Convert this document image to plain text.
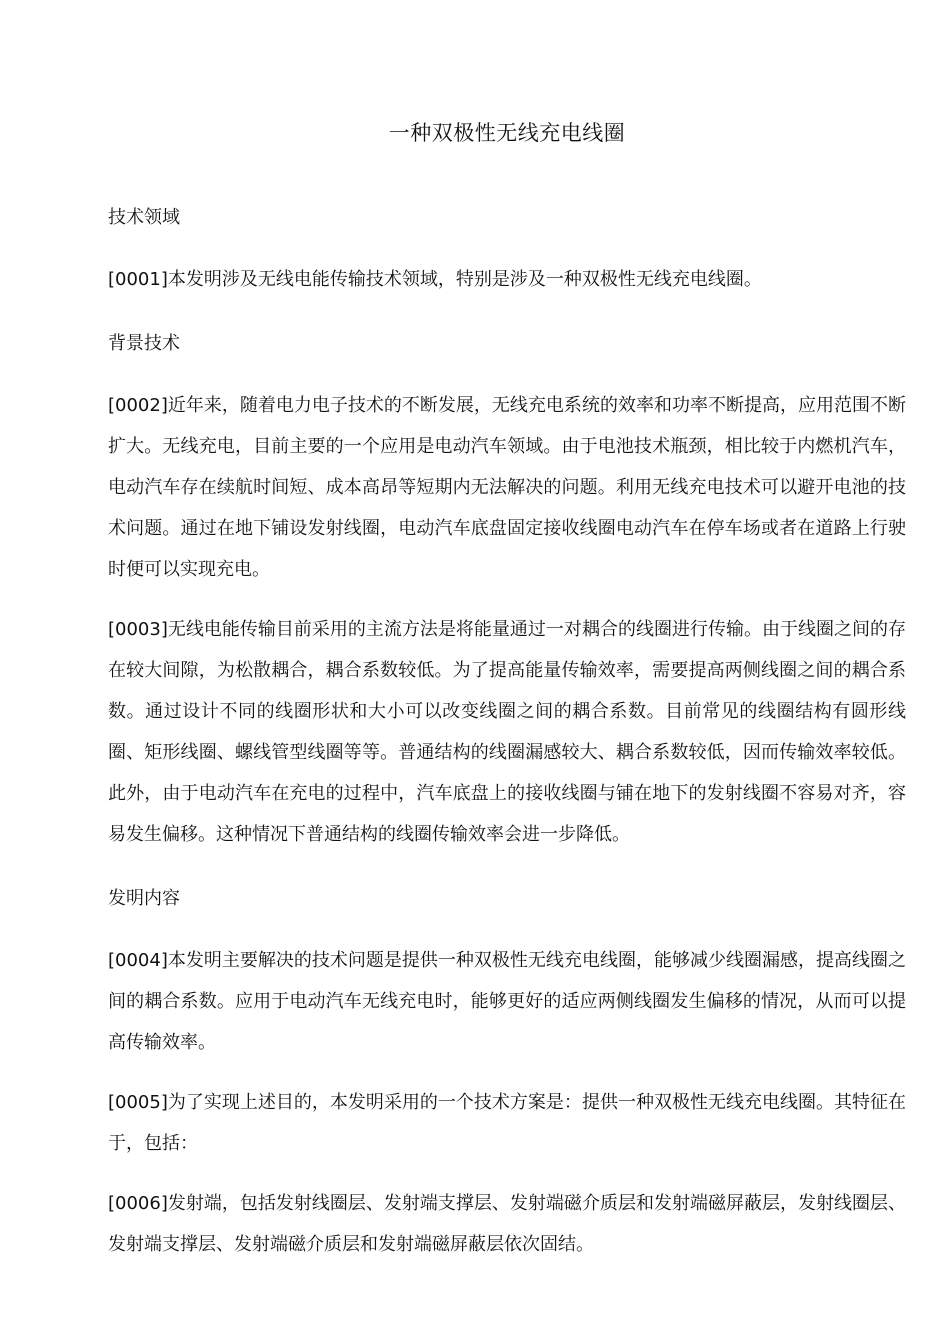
一种双极性无线充电线圈
技术领域

[0001]本发明涉及无线电能传输技术领域，特别是涉及一种双极性无线充电线圈。

背景技术

[0002]近年来，随着电力电子技术的不断发展，无线充电系统的效率和功率不断提高，应用范围不断扩大。无线充电，目前主要的一个应用是电动汽车领域。由于电池技术瓶颈，相比较于内燃机汽车，电动汽车存在续航时间短、成本高昂等短期内无法解决的问题。利用无线充电技术可以避开电池的技术问题。通过在地下铺设发射线圈，电动汽车底盘固定接收线圈电动汽车在停车场或者在道路上行驶时便可以实现充电。

[0003]无线电能传输目前采用的主流方法是将能量通过一对耦合的线圈进行传输。由于线圈之间的存在较大间隙，为松散耦合，耦合系数较低。为了提高能量传输效率，需要提高两侧线圈之间的耦合系数。通过设计不同的线圈形状和大小可以改变线圈之间的耦合系数。目前常见的线圈结构有圆形线圈、矩形线圈、螺线管型线圈等等。普通结构的线圈漏感较大、耦合系数较低，因而传输效率较低。此外，由于电动汽车在充电的过程中，汽车底盘上的接收线圈与铺在地下的发射线圈不容易对齐，容易发生偏移。这种情况下普通结构的线圈传输效率会进一步降低。

发明内容

[0004]本发明主要解决的技术问题是提供一种双极性无线充电线圈，能够减少线圈漏感，提高线圈之间的耦合系数。应用于电动汽车无线充电时，能够更好的适应两侧线圈发生偏移的情况，从而可以提高传输效率。

[0005]为了实现上述目的，本发明采用的一个技术方案是：提供一种双极性无线充电线圈。其特征在于，包括：

[0006]发射端，包括发射线圈层、发射端支撑层、发射端磁介质层和发射端磁屏蔽层，发射线圈层、发射端支撑层、发射端磁介质层和发射端磁屏蔽层依次固结。
